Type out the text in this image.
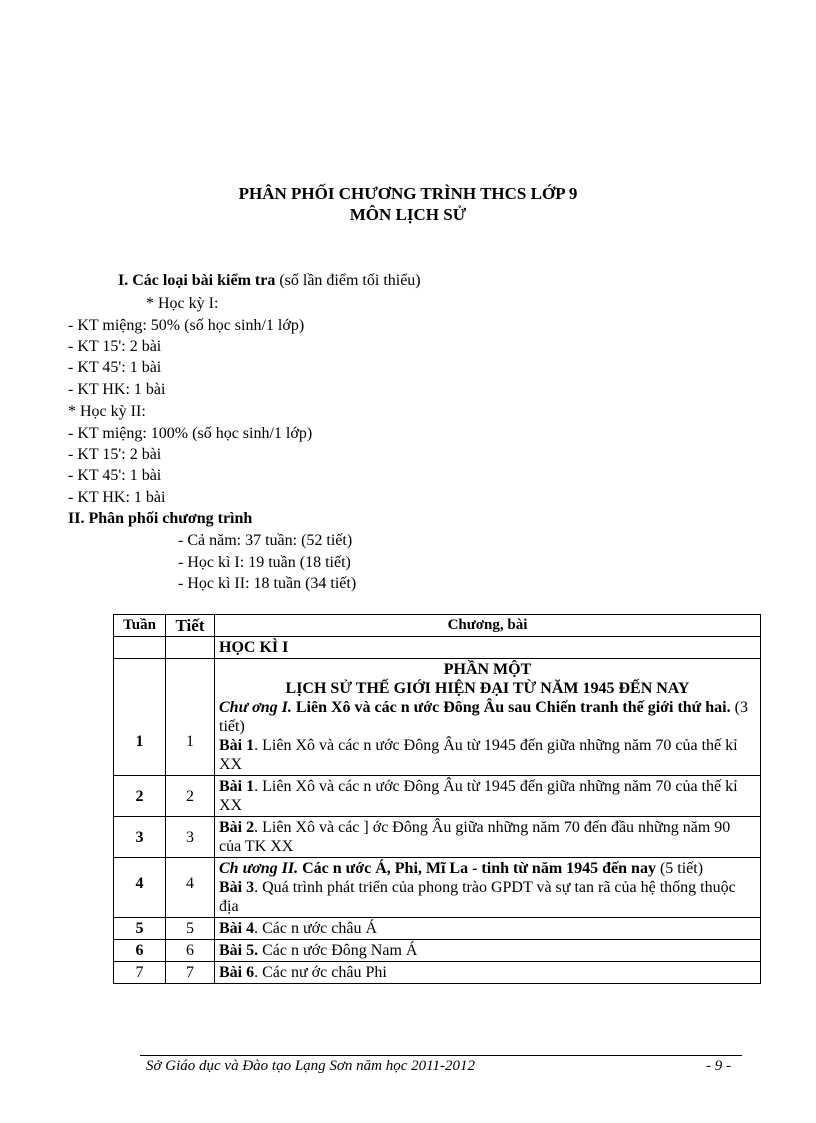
PHÂN PHỐI CHƯƠNG TRÌNH THCS LỚP 9
MÔN LỊCH SỬ
I. Các loại bài kiểm tra (số lần điểm tối thiểu)
* Học kỳ I:
- KT miệng: 50% (số học sinh/1 lớp)
- KT 15': 2 bài
- KT 45': 1 bài
- KT HK: 1 bài
* Học kỳ II:
- KT miệng: 100% (số học sinh/1 lớp)
- KT 15': 2 bài
- KT 45': 1 bài
- KT HK: 1 bài
II. Phân phối chương trình
- Cả năm: 37 tuần: (52 tiết)
- Học kì I: 19 tuần (18 tiết)
- Học kì II: 18 tuần (34 tiết)
Tuần	Tiết	Chương, bài
		HỌC KÌ I
1	1	PHẦN MỘT
LỊCH SỬ THẾ GIỚI HIỆN ĐẠI TỪ NĂM 1945 ĐẾN NAY
Chư ơng I. Liên Xô và các n ước Đông Âu sau Chiến tranh thế giới thứ hai. (3 tiết)
Bài 1. Liên Xô và các n ước Đông Âu từ 1945 đến giữa những năm 70 của thế kỉ XX

2	2	Bài 1. Liên Xô và các n ước Đông Âu từ 1945 đến giữa những năm 70 của thế kỉ XX
3	3	Bài 2. Liên Xô và các ] ớc Đông Âu giữa những năm 70 đến đầu những năm 90 của TK XX
4	4	Ch ương II. Các n ước Á, Phi, Mĩ La - tinh từ năm 1945 đến nay (5 tiết)
Bài 3. Quá trình phát triển của phong trào GPDT và sự tan rã của hệ thống thuộc địa

5	5	Bài 4. Các n ước châu Á
6	6	Bài 5. Các n ước Đông Nam Á
7	7	Bài 6. Các nư ớc châu Phi
Sở Giáo dục và Đào tạo Lạng Sơn năm học 2011-2012	- 9 -
